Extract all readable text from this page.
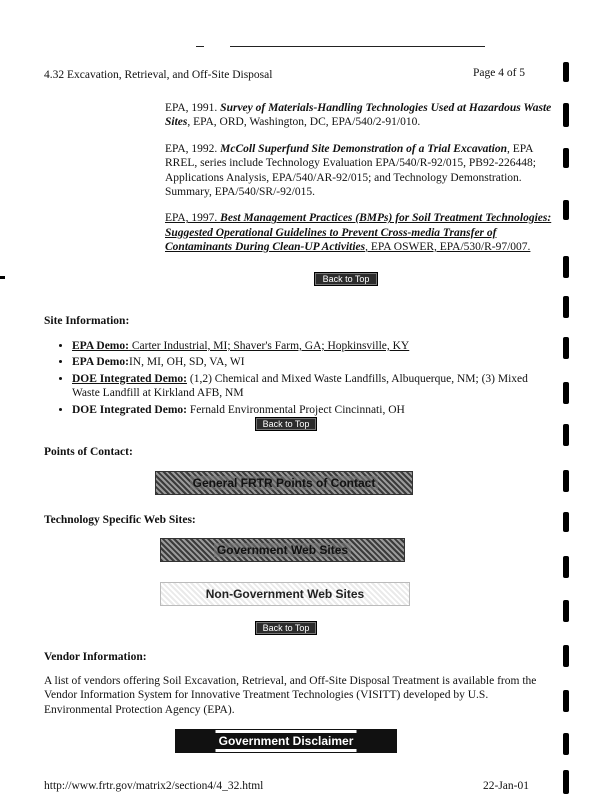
4.32 Excavation, Retrieval, and Off-Site Disposal	Page 4 of 5

EPA, 1991. Survey of Materials-Handling Technologies Used at Hazardous Waste Sites, EPA, ORD, Washington, DC, EPA/540/2-91/010.

EPA, 1992. McColl Superfund Site Demonstration of a Trial Excavation, EPA RREL, series include Technology Evaluation EPA/540/R-92/015, PB92-226448; Applications Analysis, EPA/540/AR-92/015; and Technology Demonstration. Summary, EPA/540/SR/-92/015.

EPA, 1997. Best Management Practices (BMPs) for Soil Treatment Technologies: Suggested Operational Guidelines to Prevent Cross-media Transfer of Contaminants During Clean-UP Activities, EPA OSWER, EPA/530/R-97/007.

Back to Top
Site Information:
• EPA Demo: Carter Industrial, MI; Shaver's Farm, GA; Hopkinsville, KY
• EPA Demo:IN, MI, OH, SD, VA, WI
• DOE Integrated Demo: (1,2) Chemical and Mixed Waste Landfills, Albuquerque, NM; (3) Mixed Waste Landfill at Kirkland AFB, NM
• DOE Integrated Demo: Fernald Environmental Project Cincinnati, OH
Back to Top
Points of Contact:
General FRTR Points of Contact
Technology Specific Web Sites:
Government Web Sites
Non-Government Web Sites
Back to Top
Vendor Information:
A list of vendors offering Soil Excavation, Retrieval, and Off-Site Disposal Treatment is available from the Vendor Information System for Innovative Treatment Technologies (VISITT) developed by U.S. Environmental Protection Agency (EPA).
Government Disclaimer
http://www.frtr.gov/matrix2/section4/4_32.html	22-Jan-01
